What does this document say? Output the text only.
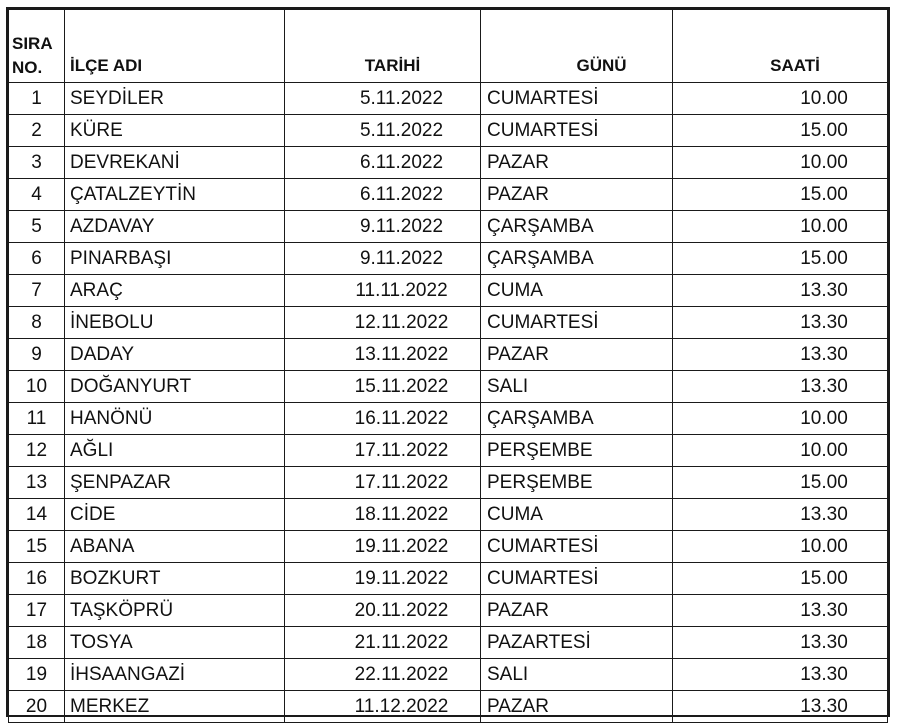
SIRA
NO.	İLÇE ADI	TARİHİ	GÜNÜ	SAATİ
1	SEYDİLER	5.11.2022	CUMARTESİ	10.00
2	KÜRE	5.11.2022	CUMARTESİ	15.00
3	DEVREKANİ	6.11.2022	PAZAR	10.00
4	ÇATALZEYTİN	6.11.2022	PAZAR	15.00
5	AZDAVAY	9.11.2022	ÇARŞAMBA	10.00
6	PINARBAŞI	9.11.2022	ÇARŞAMBA	15.00
7	ARAÇ	11.11.2022	CUMA	13.30
8	İNEBOLU	12.11.2022	CUMARTESİ	13.30
9	DADAY	13.11.2022	PAZAR	13.30
10	DOĞANYURT	15.11.2022	SALI	13.30
11	HANÖNÜ	16.11.2022	ÇARŞAMBA	10.00
12	AĞLI	17.11.2022	PERŞEMBE	10.00
13	ŞENPAZAR	17.11.2022	PERŞEMBE	15.00
14	CİDE	18.11.2022	CUMA	13.30
15	ABANA	19.11.2022	CUMARTESİ	10.00
16	BOZKURT	19.11.2022	CUMARTESİ	15.00
17	TAŞKÖPRÜ	20.11.2022	PAZAR	13.30
18	TOSYA	21.11.2022	PAZARTESİ	13.30
19	İHSAANGAZİ	22.11.2022	SALI	13.30
20	MERKEZ	11.12.2022	PAZAR	13.30
